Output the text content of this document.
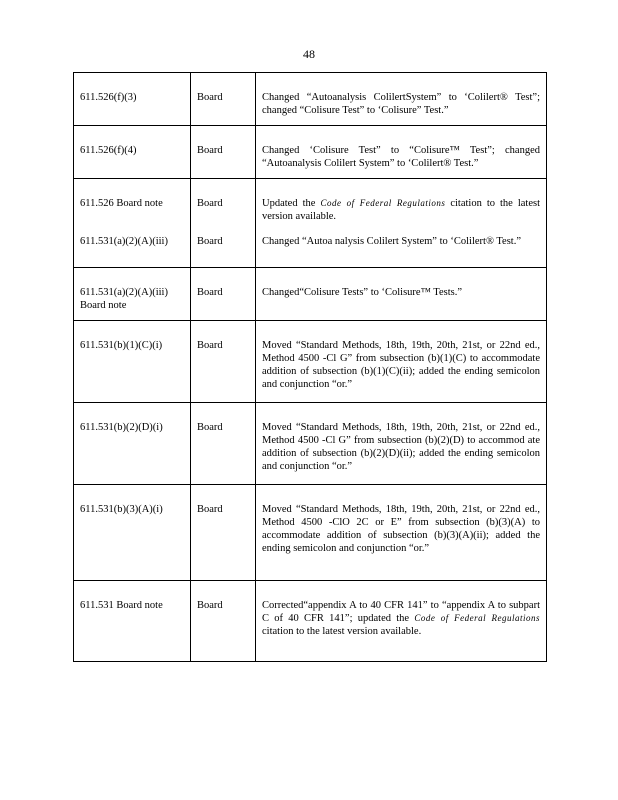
48
611.526(f)(3)	Board	Changed “Autoanalysis ColilertSystem” to ‘Colilert® Test”; changed “Colisure Test” to ‘Colisure” Test.”
611.526(f)(4)	Board	Changed ‘Colisure Test” to “Colisure™ Test”; changed “Autoanalysis Colilert System” to ‘Colilert® Test.”
611.526 Board note	Board	Updated the Code of Federal Regulations citation to the latest version available.
611.531(a)(2)(A)(iii)	Board	Changed “Autoa nalysis Colilert System” to ‘Colilert® Test.”
611.531(a)(2)(A)(iii) Board note	Board	Changed“Colisure Tests” to ‘Colisure™ Tests.”
611.531(b)(1)(C)(i)	Board	Moved “Standard Methods, 18th, 19th, 20th, 21st, or 22nd ed., Method 4500 -Cl G” from subsection (b)(1)(C) to accommodate addition of subsection (b)(1)(C)(ii); added the ending semicolon and conjunction “or.”
611.531(b)(2)(D)(i)	Board	Moved “Standard Methods, 18th, 19th, 20th, 21st, or 22nd ed., Method 4500 -Cl G” from subsection (b)(2)(D) to accommod ate addition of subsection (b)(2)(D)(ii); added the ending semicolon and conjunction “or.”
611.531(b)(3)(A)(i)	Board	Moved “Standard Methods, 18th, 19th, 20th, 21st, or 22nd ed., Method 4500 -ClO 2C or E” from subsection (b)(3)(A) to accommodate addition of subsection (b)(3)(A)(ii); added the ending semicolon and conjunction “or.”
611.531 Board note	Board	Corrected“appendix A to 40 CFR 141” to “appendix A to subpart C of 40 CFR 141”; updated the Code of Federal Regulations citation to the latest version available.
